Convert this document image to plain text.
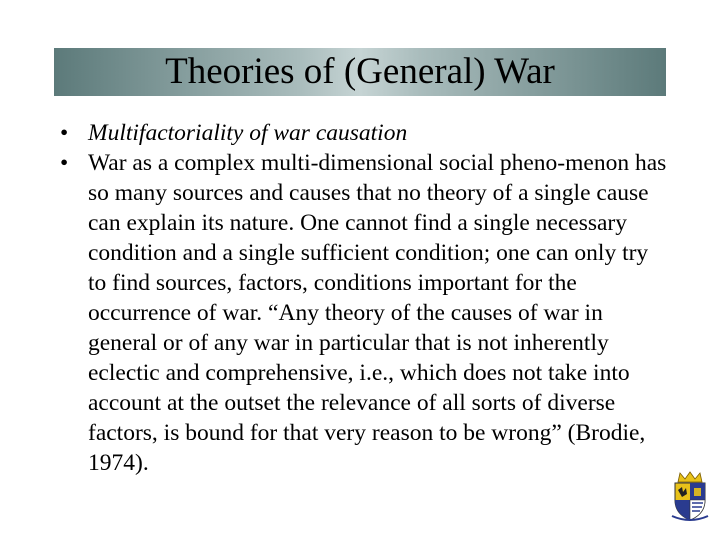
Theories of (General) War
• Multifactoriality of war causation
• War as a complex multi-dimensional social pheno-menon has so many sources and causes that no theory of a single cause can explain its nature. One cannot find a single necessary condition and a single sufficient condition; one can only try to find sources, factors, conditions important for the occurrence of war. “Any theory of the causes of war in general or of any war in particular that is not inherently eclectic and comprehensive, i.e., which does not take into account at the outset the relevance of all sorts of diverse factors, is bound for that very reason to be wrong” (Brodie, 1974).
